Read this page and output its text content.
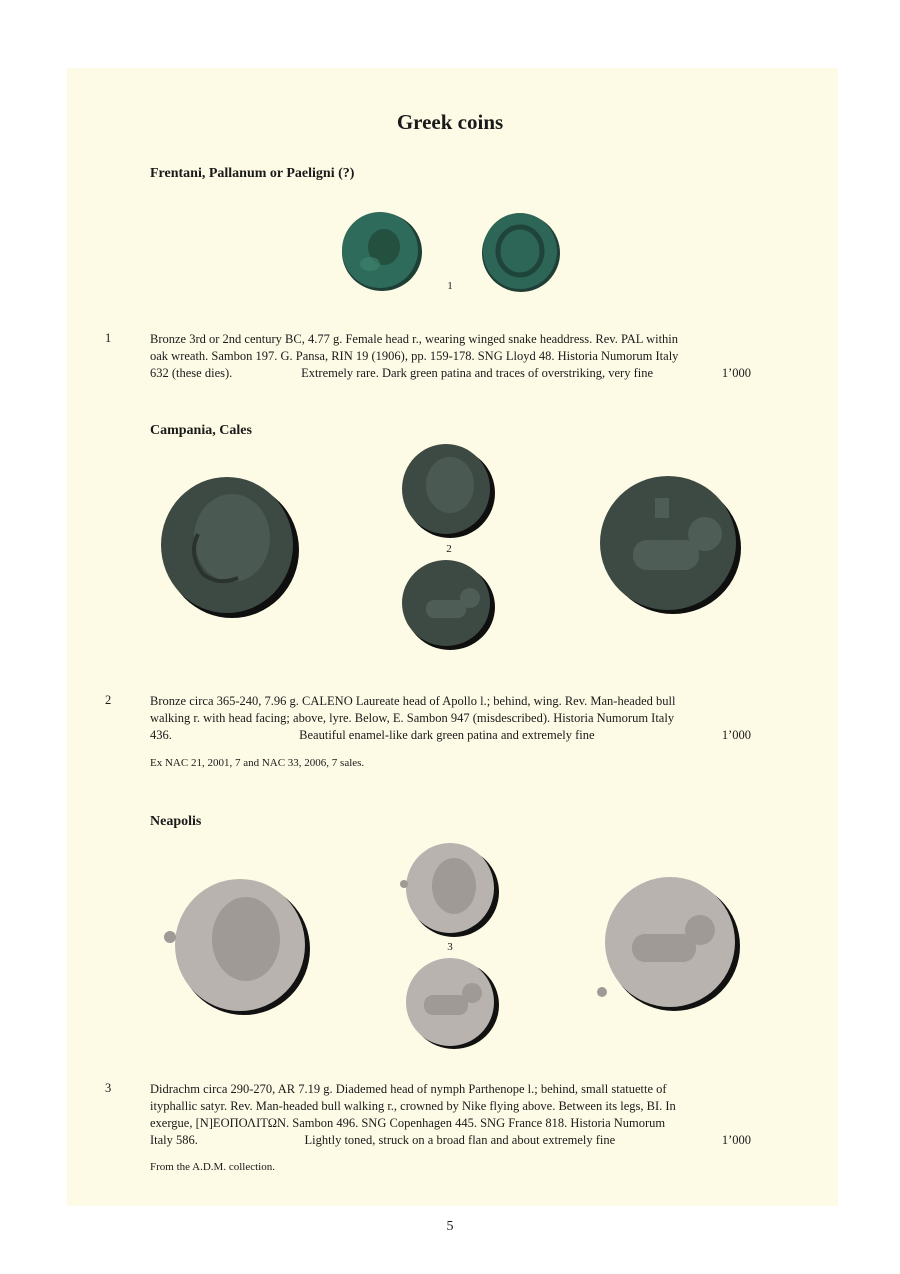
Greek coins
Frentani, Pallanum or Paeligni (?)
1
1	Bronze 3rd or 2nd century BC, 4.77 g. Female head r., wearing winged snake headdress. Rev. PAL within
oak wreath. Sambon 197. G. Pansa, RIN 19 (1906), pp. 159-178. SNG Lloyd 48. Historia Numorum Italy
632 (these dies).	Extremely rare. Dark green patina and traces of overstriking, very fine	1’000
Campania, Cales
2
2	Bronze circa 365-240, 7.96 g. CALENO Laureate head of Apollo l.; behind, wing. Rev. Man-headed bull
walking r. with head facing; above, lyre. Below, E. Sambon 947 (misdescribed). Historia Numorum Italy
436.	Beautiful enamel-like dark green patina and extremely fine	1’000
Ex NAC 21, 2001, 7 and NAC 33, 2006, 7 sales.
Neapolis
3
3	Didrachm circa 290-270, AR 7.19 g. Diademed head of nymph Parthenope l.; behind, small statuette of
ityphallic satyr. Rev. Man-headed bull walking r., crowned by Nike flying above. Between its legs, BI. In
exergue, [N]ΕΟΠΟΛΙΤΩΝ. Sambon 496. SNG Copenhagen 445. SNG France 818. Historia Numorum
Italy 586.	Lightly toned, struck on a broad flan and about extremely fine	1’000
From the A.D.M. collection.
5
